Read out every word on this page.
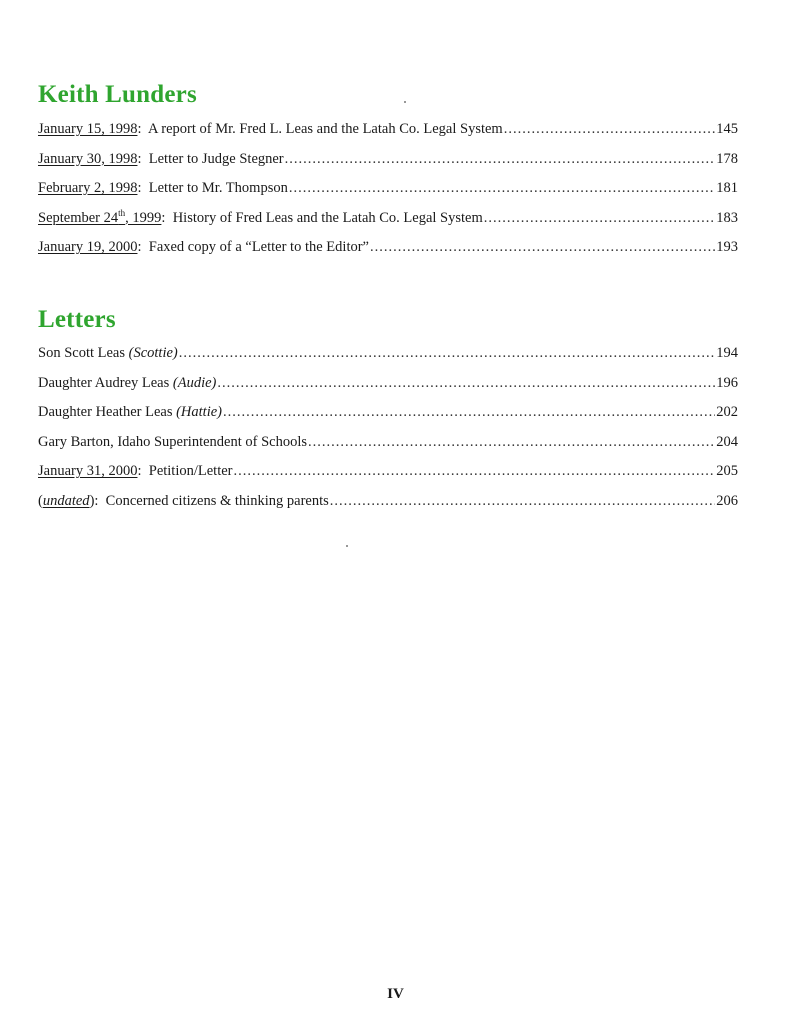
Keith Lunders
January 15, 1998:  A report of Mr. Fred L. Leas and the Latah Co. Legal System .....	145
January 30, 1998:  Letter to Judge Stegner .....	178
February 2, 1998:  Letter to Mr. Thompson .....	181
September 24th, 1999:  History of Fred Leas and the Latah Co. Legal System .....	183
January 19, 2000:  Faxed copy of a “Letter to the Editor” .....	193
Letters
Son Scott Leas (Scottie) .....	194
Daughter Audrey Leas (Audie) .....	196
Daughter Heather Leas (Hattie) .....	202
Gary Barton, Idaho Superintendent of Schools .....	204
January 31, 2000:  Petition/Letter .....	205
(undated):  Concerned citizens & thinking parents .....	206
IV
